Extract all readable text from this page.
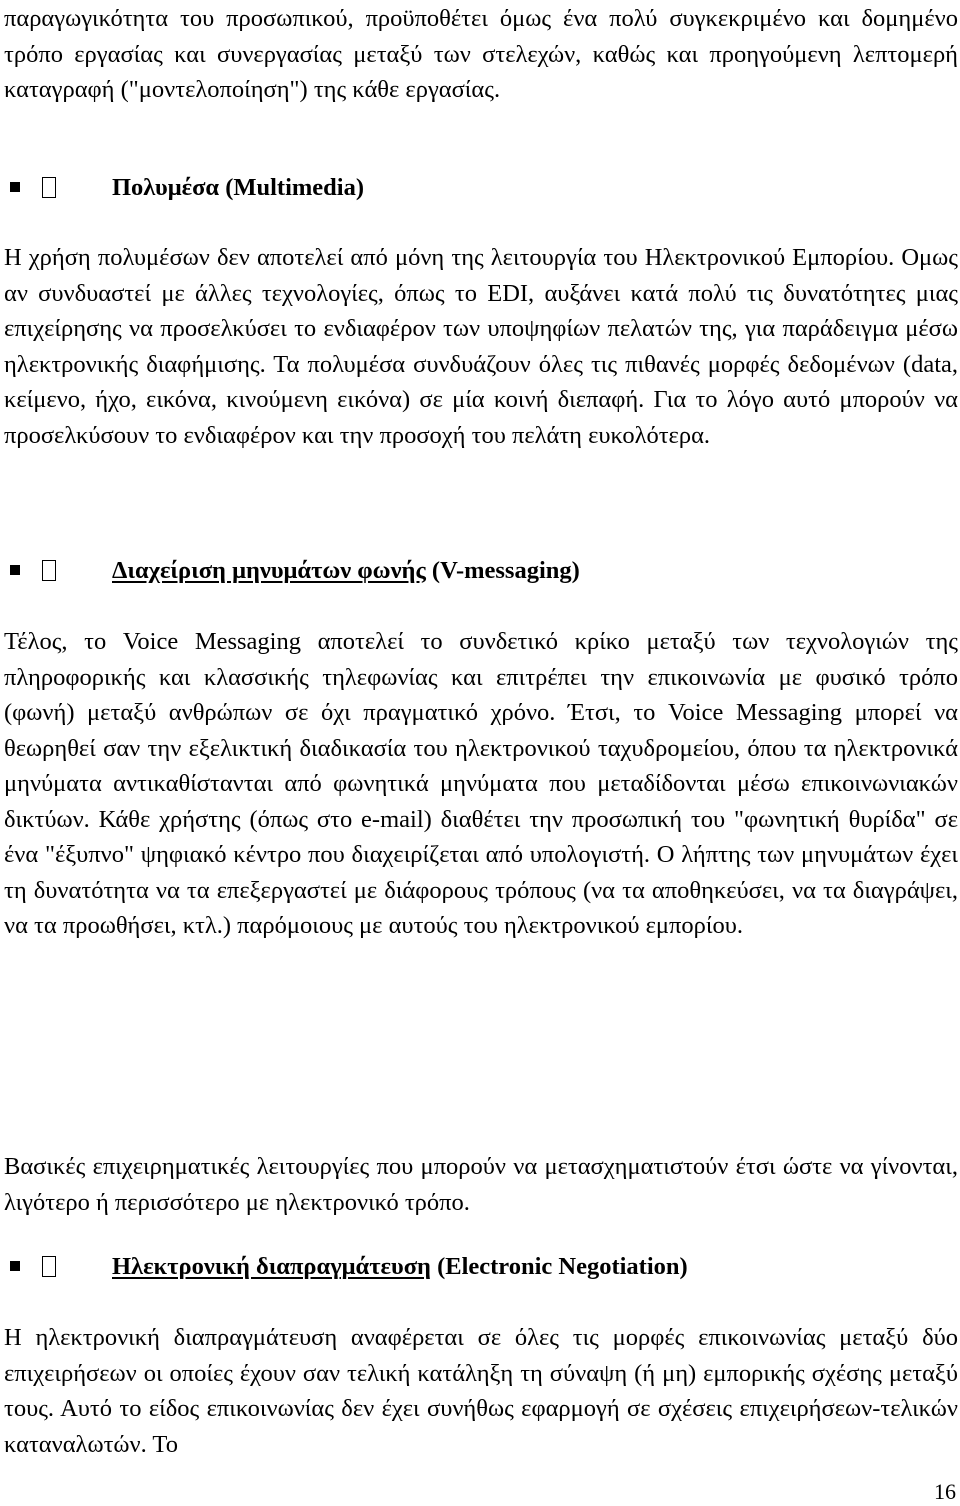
παραγωγικότητα του προσωπικού, προϋποθέτει όμως ένα πολύ συγκεκριμένο και δομημένο τρόπο εργασίας και συνεργασίας μεταξύ των στελεχών, καθώς και προηγούμενη λεπτομερή καταγραφή ("μοντελοποίηση") της κάθε εργασίας.

Πολυμέσα (Multimedia)

Η χρήση πολυμέσων δεν αποτελεί από μόνη της λειτουργία του Ηλεκτρονικού Εμπορίου. Ομως αν συνδυαστεί με άλλες τεχνολογίες, όπως το EDI, αυξάνει κατά πολύ τις δυνατότητες μιας επιχείρησης να προσελκύσει το ενδιαφέρον των υποψηφίων πελατών της, για παράδειγμα μέσω ηλεκτρονικής διαφήμισης. Τα πολυμέσα συνδυάζουν όλες τις πιθανές μορφές δεδομένων (data, κείμενο, ήχο, εικόνα, κινούμενη εικόνα) σε μία κοινή διεπαφή. Για το λόγο αυτό μπορούν να προσελκύσουν το ενδιαφέρον και την προσοχή του πελάτη ευκολότερα.

Διαχείριση μηνυμάτων φωνής (V-messaging)

Τέλος, το Voice Messaging αποτελεί το συνδετικό κρίκο μεταξύ των τεχνολογιών της πληροφορικής και κλασσικής τηλεφωνίας και επιτρέπει την επικοινωνία με φυσικό τρόπο (φωνή) μεταξύ ανθρώπων σε όχι πραγματικό χρόνο. Έτσι, το Voice Messaging μπορεί να θεωρηθεί σαν την εξελικτική διαδικασία του ηλεκτρονικού ταχυδρομείου, όπου τα ηλεκτρονικά μηνύματα αντικαθίστανται από φωνητικά μηνύματα που μεταδίδονται μέσω επικοινωνιακών δικτύων. Κάθε χρήστης (όπως στο e-mail) διαθέτει την προσωπική του "φωνητική θυρίδα" σε ένα "έξυπνο" ψηφιακό κέντρο που διαχειρίζεται από υπολογιστή. Ο λήπτης των μηνυμάτων έχει τη δυνατότητα να τα επεξεργαστεί με διάφορους τρόπους (να τα αποθηκεύσει, να τα διαγράψει, να τα προωθήσει, κτλ.) παρόμοιους με αυτούς του ηλεκτρονικού εμπορίου.

Βασικές επιχειρηματικές λειτουργίες που μπορούν να μετασχηματιστούν έτσι ώστε να γίνονται, λιγότερο ή περισσότερο με ηλεκτρονικό τρόπο.

Ηλεκτρονική διαπραγμάτευση (Electronic Negotiation)

Η ηλεκτρονική διαπραγμάτευση αναφέρεται σε όλες τις μορφές επικοινωνίας μεταξύ δύο επιχειρήσεων οι οποίες έχουν σαν τελική κατάληξη τη σύναψη (ή μη) εμπορικής σχέσης μεταξύ τους. Αυτό το είδος επικοινωνίας δεν έχει συνήθως εφαρμογή σε σχέσεις επιχειρήσεων-τελικών καταναλωτών. Το

16
